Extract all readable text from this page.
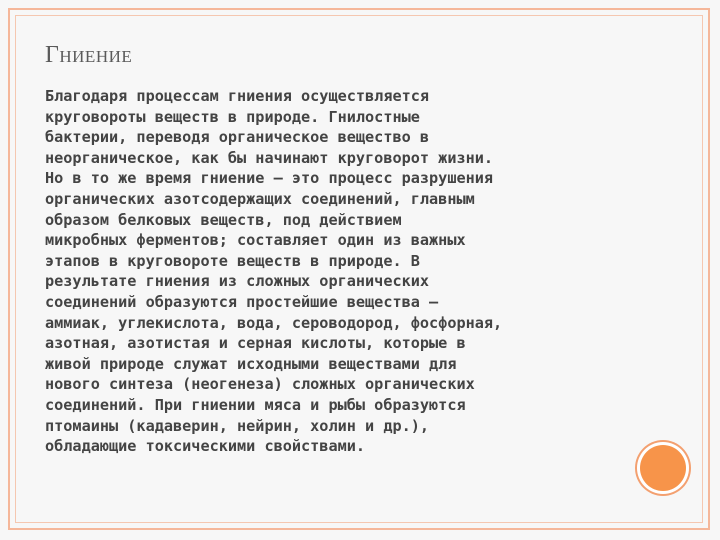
Гниение
Благодаря процессам гниения осуществляется
круговороты веществ в природе. Гнилостные
бактерии, переводя органическое вещество в
неорганическое, как бы начинают круговорот жизни.
Но в то же время гниение – это процесс разрушения
органических азотсодержащих соединений, главным
образом белковых веществ, под действием
микробных ферментов; составляет один из важных
этапов в круговороте веществ в природе. В
результате гниения из сложных органических
соединений образуются простейшие вещества —
аммиак, углекислота, вода, сероводород, фосфорная,
азотная, азотистая и серная кислоты, которые в
живой природе служат исходными веществами для
нового синтеза (неогенеза) сложных органических
соединений. При гниении мяса и рыбы образуются
птомаины (кадаверин, нейрин, холин и др.),
обладающие токсическими свойствами.
